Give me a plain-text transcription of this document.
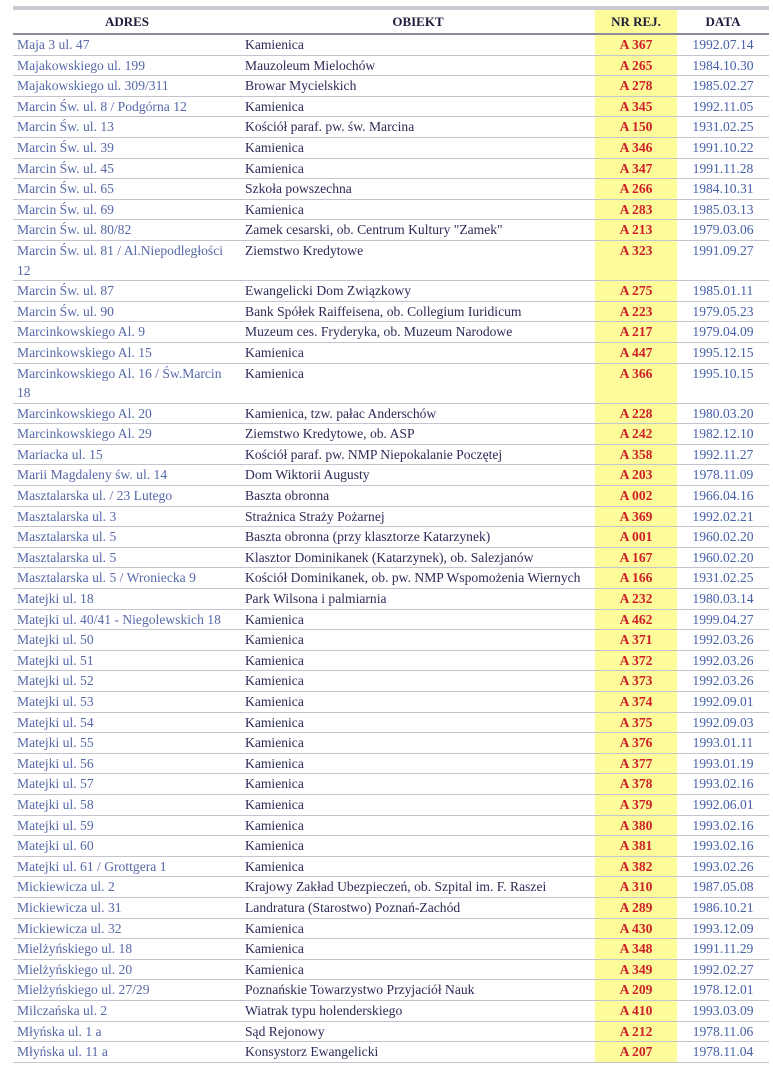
ADRES	OBIEKT	NR REJ.	DATA
Maja 3 ul. 47	Kamienica	A 367	1992.07.14
Majakowskiego ul. 199	Mauzoleum Mielochów	A 265	1984.10.30
Majakowskiego ul. 309/311	Browar Mycielskich	A 278	1985.02.27
Marcin Św. ul. 8 / Podgórna 12	Kamienica	A 345	1992.11.05
Marcin Św. ul. 13	Kościół paraf. pw. św. Marcina	A 150	1931.02.25
Marcin Św. ul. 39	Kamienica	A 346	1991.10.22
Marcin Św. ul. 45	Kamienica	A 347	1991.11.28
Marcin Św. ul. 65	Szkoła powszechna	A 266	1984.10.31
Marcin Św. ul. 69	Kamienica	A 283	1985.03.13
Marcin Św. ul. 80/82	Zamek cesarski, ob. Centrum Kultury "Zamek"	A 213	1979.03.06
Marcin Św. ul. 81 / Al.Niepodległości 12	Ziemstwo Kredytowe	A 323	1991.09.27
Marcin Św. ul. 87	Ewangelicki Dom Związkowy	A 275	1985.01.11
Marcin Św. ul. 90	Bank Spółek Raiffeisena, ob. Collegium Iuridicum	A 223	1979.05.23
Marcinkowskiego Al. 9	Muzeum ces. Fryderyka, ob. Muzeum Narodowe	A 217	1979.04.09
Marcinkowskiego Al. 15	Kamienica	A 447	1995.12.15
Marcinkowskiego Al. 16 / Św.Marcin 18	Kamienica	A 366	1995.10.15
Marcinkowskiego Al. 20	Kamienica, tzw. pałac Anderschów	A 228	1980.03.20
Marcinkowskiego Al. 29	Ziemstwo Kredytowe, ob. ASP	A 242	1982.12.10
Mariacka ul. 15	Kościół paraf. pw. NMP Niepokalanie Poczętej	A 358	1992.11.27
Marii Magdaleny św. ul. 14	Dom Wiktorii Augusty	A 203	1978.11.09
Masztalarska ul. / 23 Lutego	Baszta obronna	A 002	1966.04.16
Masztalarska ul. 3	Strażnica Straży Pożarnej	A 369	1992.02.21
Masztalarska ul. 5	Baszta obronna (przy klasztorze Katarzynek)	A 001	1960.02.20
Masztalarska ul. 5	Klasztor Dominikanek (Katarzynek), ob. Salezjanów	A 167	1960.02.20
Masztalarska ul. 5 / Wroniecka 9	Kościół Dominikanek, ob. pw. NMP Wspomożenia Wiernych	A 166	1931.02.25
Matejki ul. 18	Park Wilsona i palmiarnia	A 232	1980.03.14
Matejki ul. 40/41 - Niegolewskich 18	Kamienica	A 462	1999.04.27
Matejki ul. 50	Kamienica	A 371	1992.03.26
Matejki ul. 51	Kamienica	A 372	1992.03.26
Matejki ul. 52	Kamienica	A 373	1992.03.26
Matejki ul. 53	Kamienica	A 374	1992.09.01
Matejki ul. 54	Kamienica	A 375	1992.09.03
Matejki ul. 55	Kamienica	A 376	1993.01.11
Matejki ul. 56	Kamienica	A 377	1993.01.19
Matejki ul. 57	Kamienica	A 378	1993.02.16
Matejki ul. 58	Kamienica	A 379	1992.06.01
Matejki ul. 59	Kamienica	A 380	1993.02.16
Matejki ul. 60	Kamienica	A 381	1993.02.16
Matejki ul. 61 / Grottgera 1	Kamienica	A 382	1993.02.26
Mickiewicza ul. 2	Krajowy Zakład Ubezpieczeń, ob. Szpital im. F. Raszei	A 310	1987.05.08
Mickiewicza ul. 31	Landratura (Starostwo) Poznań-Zachód	A 289	1986.10.21
Mickiewicza ul. 32	Kamienica	A 430	1993.12.09
Mielżyńskiego ul. 18	Kamienica	A 348	1991.11.29
Mielżyńskiego ul. 20	Kamienica	A 349	1992.02.27
Mielżyńskiego ul. 27/29	Poznańskie Towarzystwo Przyjaciół Nauk	A 209	1978.12.01
Milczańska ul. 2	Wiatrak typu holenderskiego	A 410	1993.03.09
Młyńska ul. 1 a	Sąd Rejonowy	A 212	1978.11.06
Młyńska ul. 11 a	Konsystorz Ewangelicki	A 207	1978.11.04
